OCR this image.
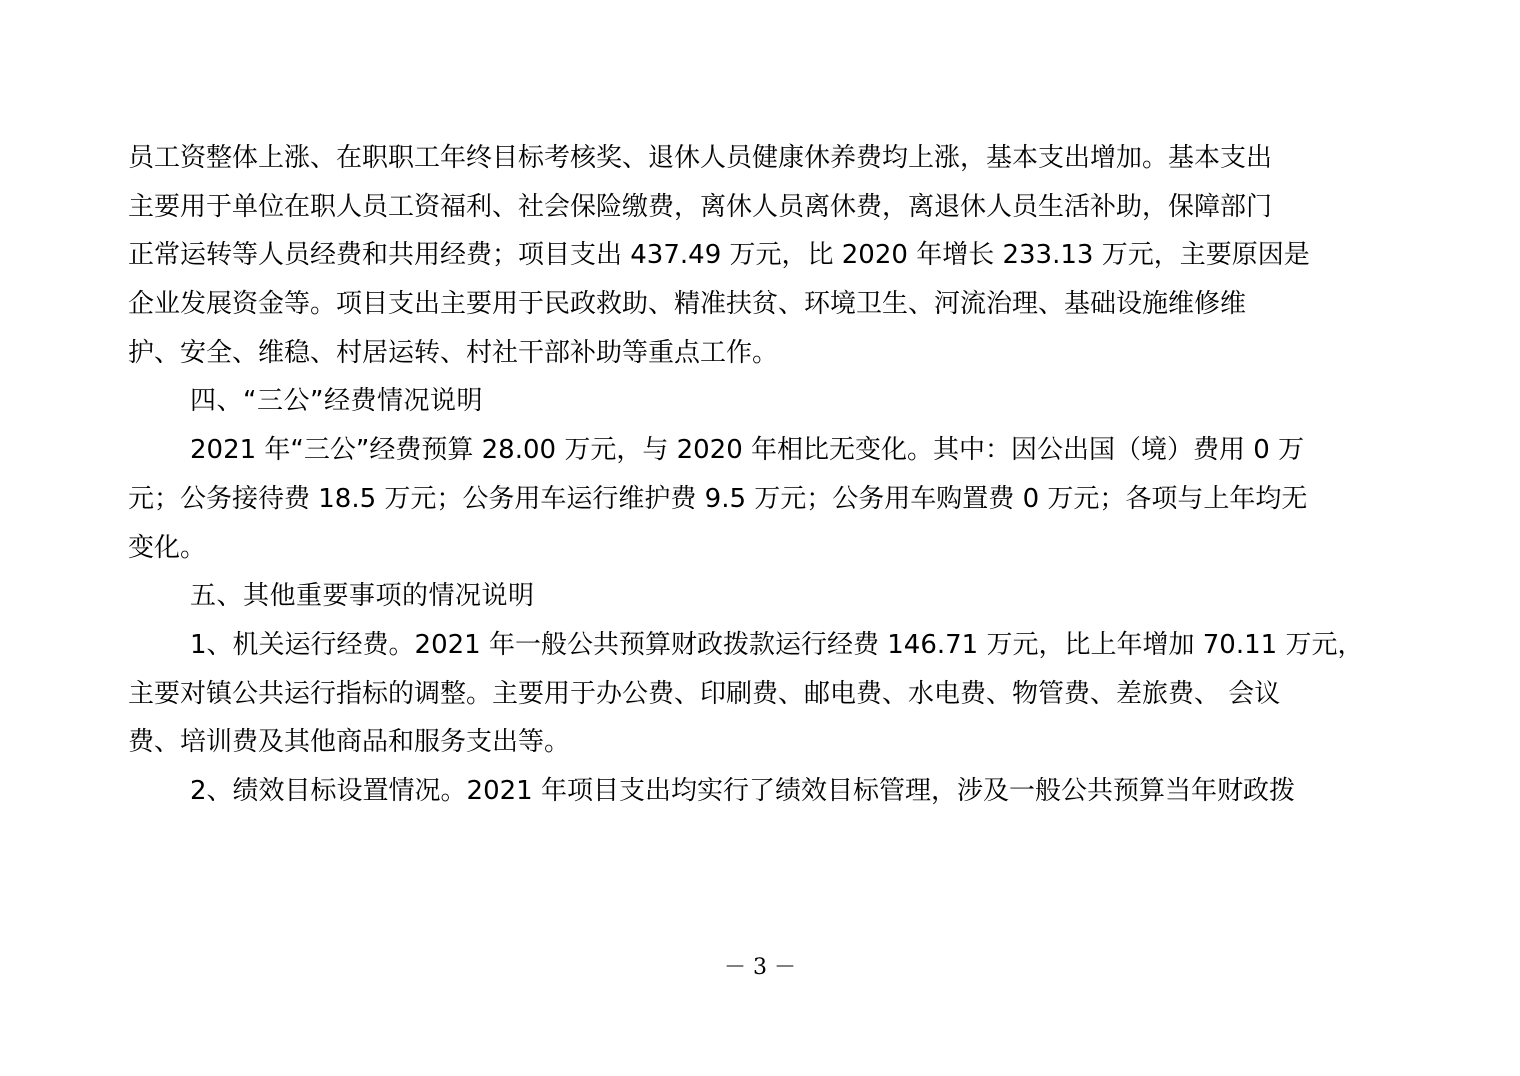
员工资整体上涨、在职职工年终目标考核奖、退休人员健康休养费均上涨，基本支出增加。基本支出
主要用于单位在职人员工资福利、社会保险缴费，离休人员离休费，离退休人员生活补助，保障部门
正常运转等人员经费和共用经费；项目支出 437.49 万元，比 2020 年增长 233.13 万元，主要原因是
企业发展资金等。项目支出主要用于民政救助、精准扶贫、环境卫生、河流治理、基础设施维修维
护、安全、维稳、村居运转、村社干部补助等重点工作。
四、“三公”经费情况说明
2021 年“三公”经费预算 28.00 万元，与 2020 年相比无变化。其中：因公出国（境）费用 0 万
元；公务接待费 18.5 万元；公务用车运行维护费 9.5 万元；公务用车购置费 0 万元；各项与上年均无
变化。
五、其他重要事项的情况说明
1、机关运行经费。2021 年一般公共预算财政拨款运行经费 146.71 万元，比上年增加 70.11 万元，
主要对镇公共运行指标的调整。主要用于办公费、印刷费、邮电费、水电费、物管费、差旅费、 会议
费、培训费及其他商品和服务支出等。
2、绩效目标设置情况。2021 年项目支出均实行了绩效目标管理，涉及一般公共预算当年财政拨
－ 3 －
